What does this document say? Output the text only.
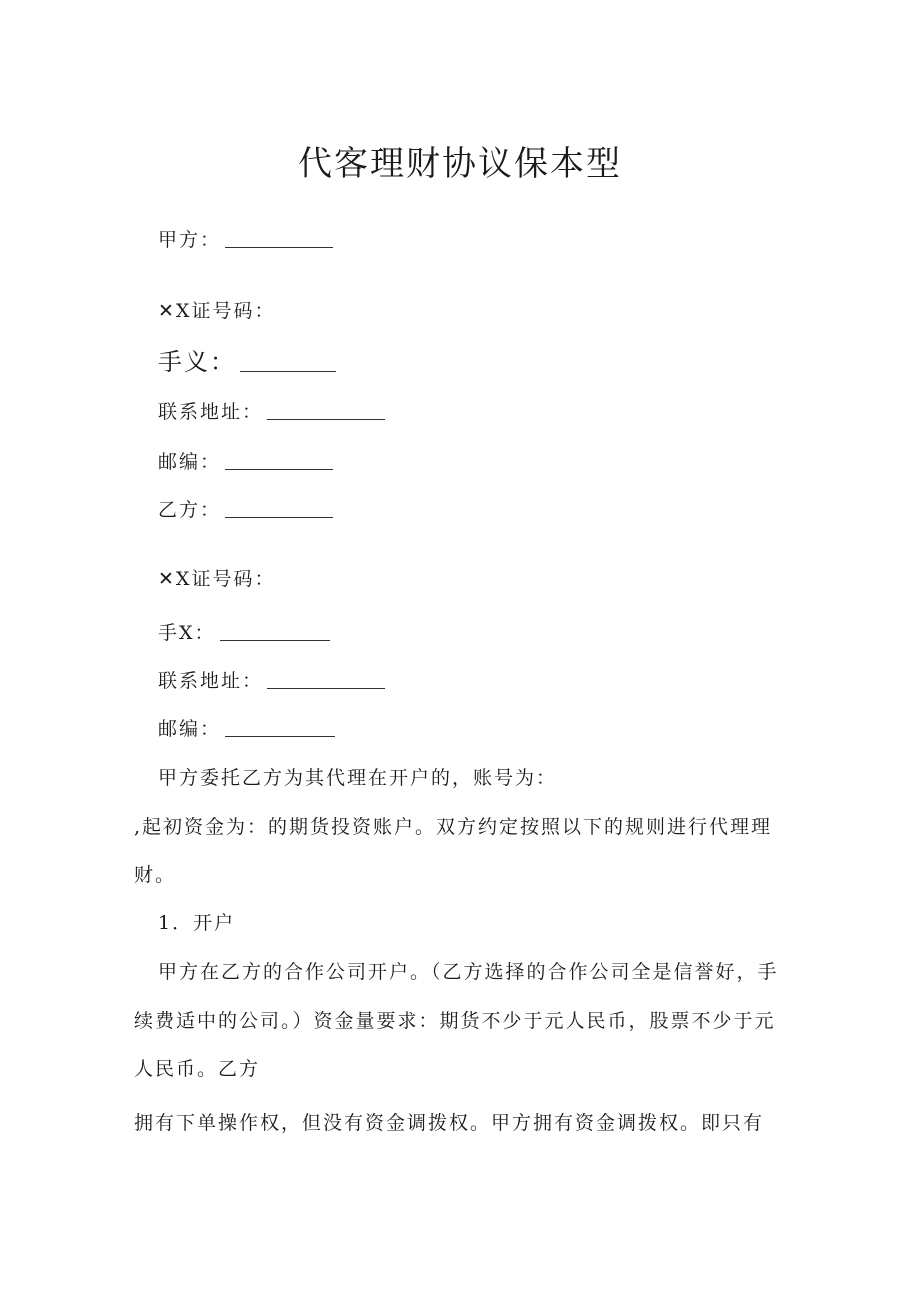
代客理财协议保本型
甲方：
✕X证号码：
手义：
联系地址：
邮编：
乙方：
✕X证号码：
手X：
联系地址：
邮编：
甲方委托乙方为其代理在开户的，账号为：
,起初资金为：的期货投资账户。双方约定按照以下的规则进行代理理
财。
1．开户
甲方在乙方的合作公司开户。（乙方选择的合作公司全是信誉好，手
续费适中的公司。）资金量要求：期货不少于元人民币，股票不少于元
人民币。乙方
拥有下单操作权，但没有资金调拨权。甲方拥有资金调拨权。即只有
